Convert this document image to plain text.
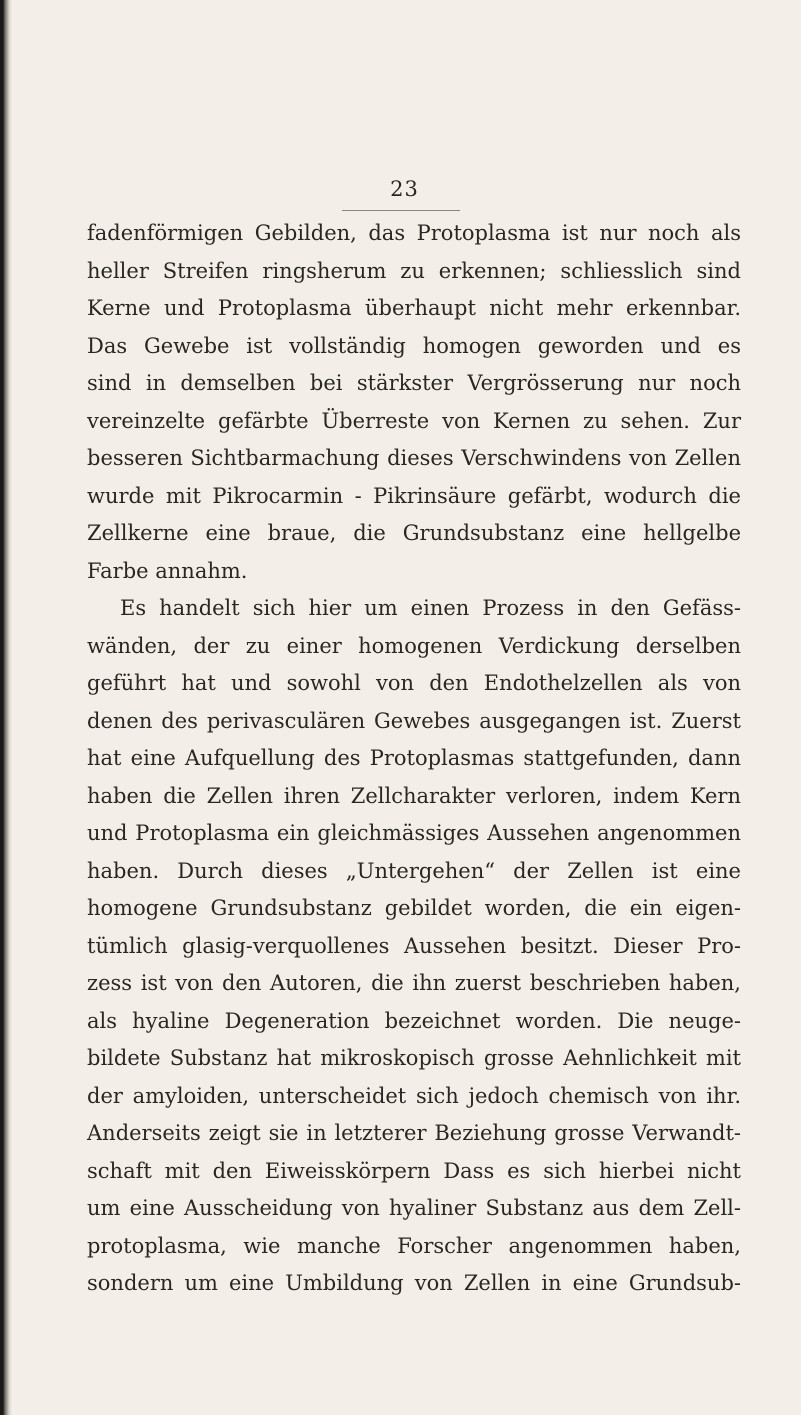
23
fadenförmigen Gebilden, das Protoplasma ist nur noch als
heller Streifen ringsherum zu erkennen; schliesslich sind
Kerne und Protoplasma überhaupt nicht mehr erkennbar.
Das Gewebe ist vollständig homogen geworden und es
sind in demselben bei stärkster Vergrösserung nur noch
vereinzelte gefärbte Überreste von Kernen zu sehen. Zur
besseren Sichtbarmachung dieses Verschwindens von Zellen
wurde mit Pikrocarmin - Pikrinsäure gefärbt, wodurch die
Zellkerne eine braue, die Grundsubstanz eine hellgelbe
Farbe annahm.
Es handelt sich hier um einen Prozess in den Gefäss-
wänden, der zu einer homogenen Verdickung derselben
geführt hat und sowohl von den Endothelzellen als von
denen des perivasculären Gewebes ausgegangen ist. Zuerst
hat eine Aufquellung des Protoplasmas stattgefunden, dann
haben die Zellen ihren Zellcharakter verloren, indem Kern
und Protoplasma ein gleichmässiges Aussehen angenommen
haben. Durch dieses „Untergehen“ der Zellen ist eine
homogene Grundsubstanz gebildet worden, die ein eigen-
tümlich glasig-verquollenes Aussehen besitzt. Dieser Pro-
zess ist von den Autoren, die ihn zuerst beschrieben haben,
als hyaline Degeneration bezeichnet worden. Die neuge-
bildete Substanz hat mikroskopisch grosse Aehnlichkeit mit
der amyloiden, unterscheidet sich jedoch chemisch von ihr.
Anderseits zeigt sie in letzterer Beziehung grosse Verwandt-
schaft mit den Eiweisskörpern Dass es sich hierbei nicht
um eine Ausscheidung von hyaliner Substanz aus dem Zell-
protoplasma, wie manche Forscher angenommen haben,
sondern um eine Umbildung von Zellen in eine Grundsub-
